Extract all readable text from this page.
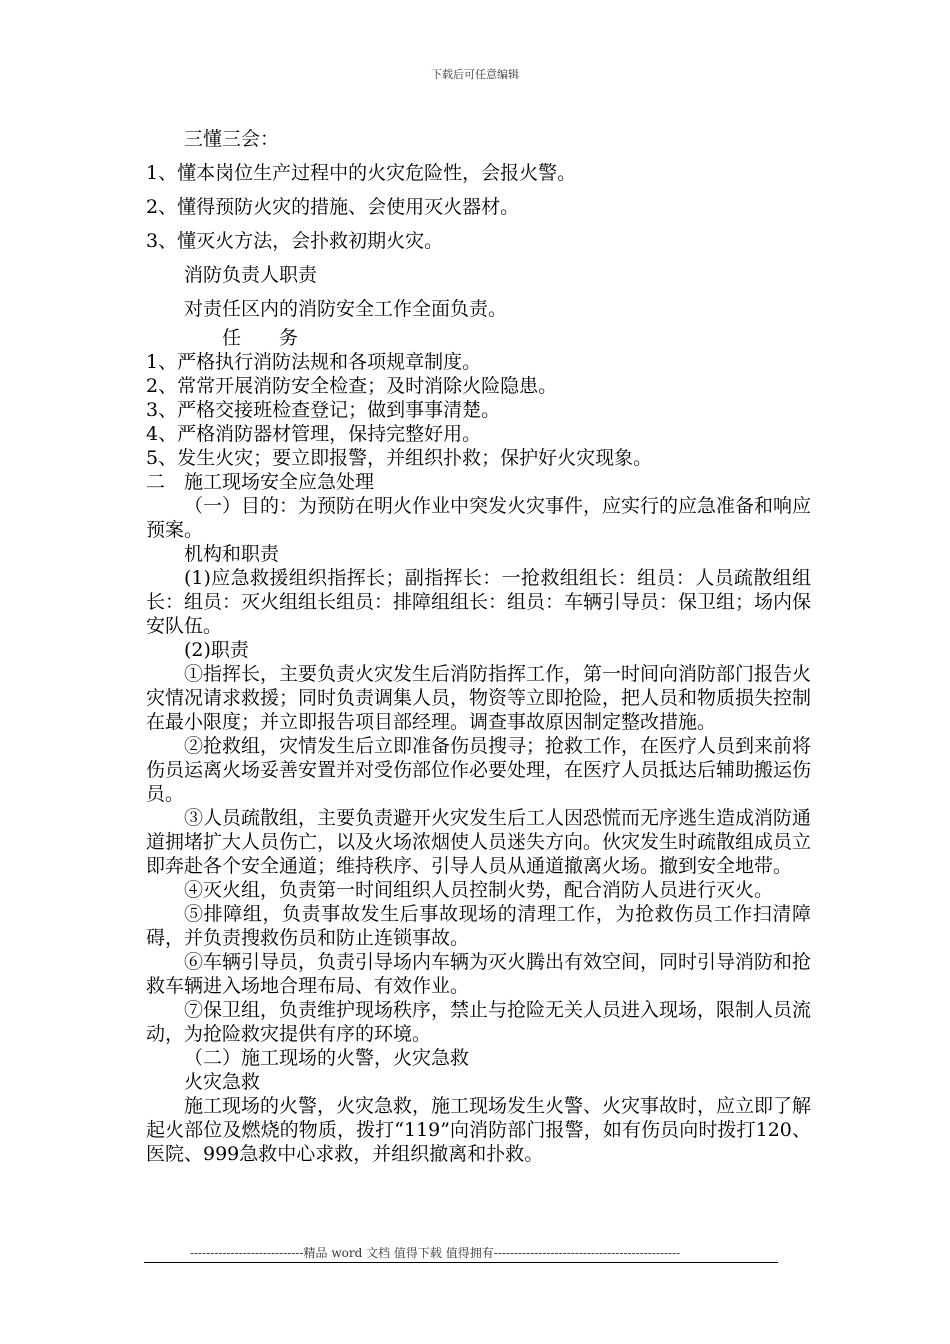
下载后可任意编辑

三懂三会：

1、懂本岗位生产过程中的火灾危险性，会报火警。

2、懂得预防火灾的措施、会使用灭火器材。

3、懂灭火方法，会扑救初期火灾。

消防负责人职责

对责任区内的消防安全工作全面负责。

任　　务

1、严格执行消防法规和各项规章制度。

2、常常开展消防安全检查；及时消除火险隐患。

3、严格交接班检查登记；做到事事清楚。

4、严格消防器材管理，保持完整好用。

5、发生火灾；要立即报警，并组织扑救；保护好火灾现象。

二　施工现场安全应急处理

（一）目的：为预防在明火作业中突发火灾事件，应实行的应急准备和响应预案。

机构和职责

(1)应急救援组织指挥长；副指挥长：一抢救组组长：组员：人员疏散组组长：组员：灭火组组长组员：排障组组长：组员：车辆引导员：保卫组；场内保安队伍。

(2)职责

①指挥长，主要负责火灾发生后消防指挥工作，第一时间向消防部门报告火灾情况请求救援；同时负责调集人员，物资等立即抢险，把人员和物质损失控制在最小限度；并立即报告项目部经理。调查事故原因制定整改措施。

②抢救组，灾情发生后立即准备伤员搜寻；抢救工作，在医疗人员到来前将伤员运离火场妥善安置并对受伤部位作必要处理，在医疗人员抵达后辅助搬运伤员。

③人员疏散组，主要负责避开火灾发生后工人因恐慌而无序逃生造成消防通道拥堵扩大人员伤亡，以及火场浓烟使人员迷失方向。伙灾发生时疏散组成员立即奔赴各个安全通道；维持秩序、引导人员从通道撤离火场。撤到安全地带。

④灭火组，负责第一时间组织人员控制火势，配合消防人员进行灭火。

⑤排障组，负责事故发生后事故现场的清理工作，为抢救伤员工作扫清障碍，并负责搜救伤员和防止连锁事故。

⑥车辆引导员，负责引导场内车辆为灭火腾出有效空间，同时引导消防和抢救车辆进入场地合理布局、有效作业。

⑦保卫组，负责维护现场秩序，禁止与抢险无关人员进入现场，限制人员流动，为抢险救灾提供有序的环境。

（二）施工现场的火警，火灾急救

火灾急救

施工现场的火警，火灾急救，施工现场发生火警、火灾事故时，应立即了解起火部位及燃烧的物质，拨打“119”向消防部门报警，如有伤员向时拨打120、医院、999急救中心求救，并组织撤离和扑救。

----------------------------精品 word 文档 值得下载 值得拥有----------------------------------------------
